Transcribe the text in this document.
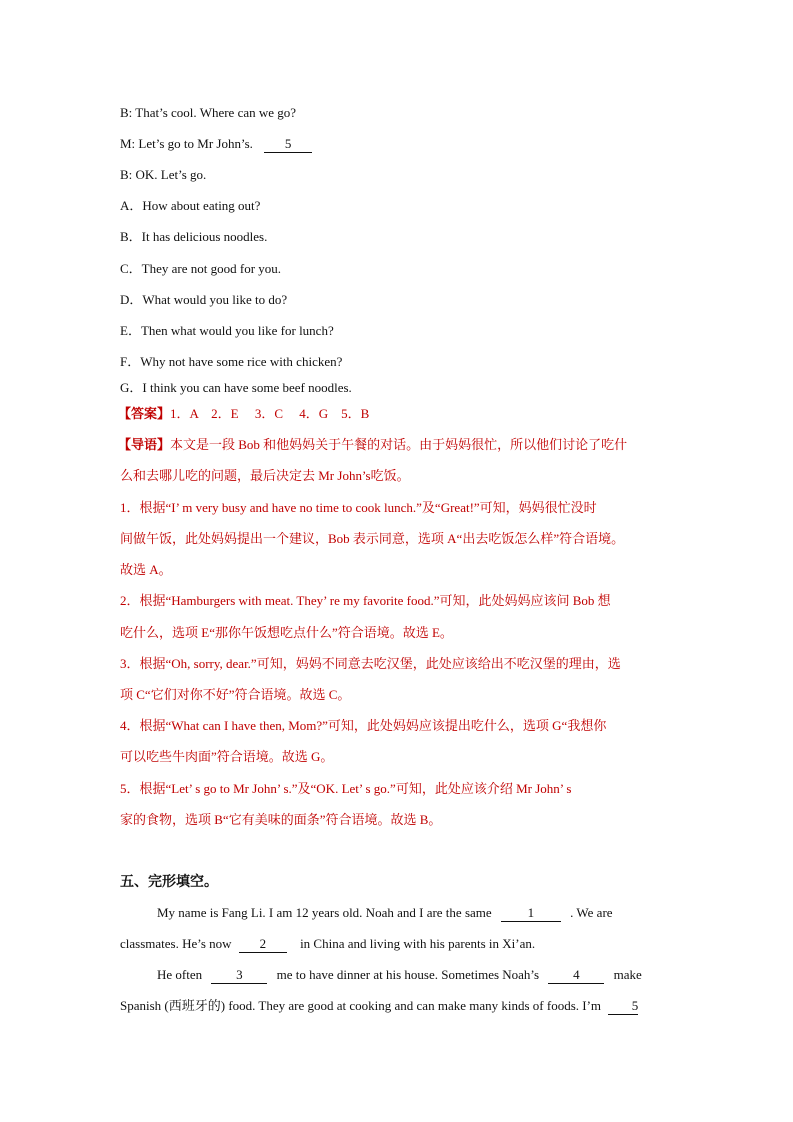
B: That’s cool. Where can we go?
M: Let’s go to Mr John’s. 5
B: OK. Let’s go.
A．How about eating out?
B．It has delicious noodles.
C．They are not good for you.
D．What would you like to do?
E．Then what would you like for lunch?
F．Why not have some rice with chicken?
G．I think you can have some beef noodles.
【答案】1．A    2．E     3．C     4．G    5．B
【导语】本文是一段 Bob 和他妈妈关于午餐的对话。由于妈妈很忙，所以他们讨论了吃什
么和去哪儿吃的问题，最后决定去 Mr John’s吃饭。
1．根据“I’ m very busy and have no time to cook lunch.”及“Great!”可知，妈妈很忙没时
间做午饭，此处妈妈提出一个建议，Bob 表示同意，选项 A“出去吃饭怎么样”符合语境。
故选 A。
2．根据“Hamburgers with meat. They’ re my favorite food.”可知，此处妈妈应该问 Bob 想
吃什么，选项 E“那你午饭想吃点什么”符合语境。故选 E。
3．根据“Oh, sorry, dear.”可知，妈妈不同意去吃汉堡，此处应该给出不吃汉堡的理由，选
项 C“它们对你不好”符合语境。故选 C。
4．根据“What can I have then, Mom?”可知，此处妈妈应该提出吃什么，选项 G“我想你
可以吃些牛肉面”符合语境。故选 G。
5．根据“Let’ s go to Mr John’ s.”及“OK. Let’ s go.”可知，此处应该介绍 Mr John’ s
家的食物，选项 B“它有美味的面条”符合语境。故选 B。
五、完形填空。
My name is Fang Li. I am 12 years old. Noah and I are the same	1	. We are
classmates. He’s now 2	in China and living with his parents in Xi’an.
He often	3	me to have dinner at his house. Sometimes Noah’s	4	make
Spanish (西班牙的) food. They are good at cooking and can make many kinds of foods. I’m 5
